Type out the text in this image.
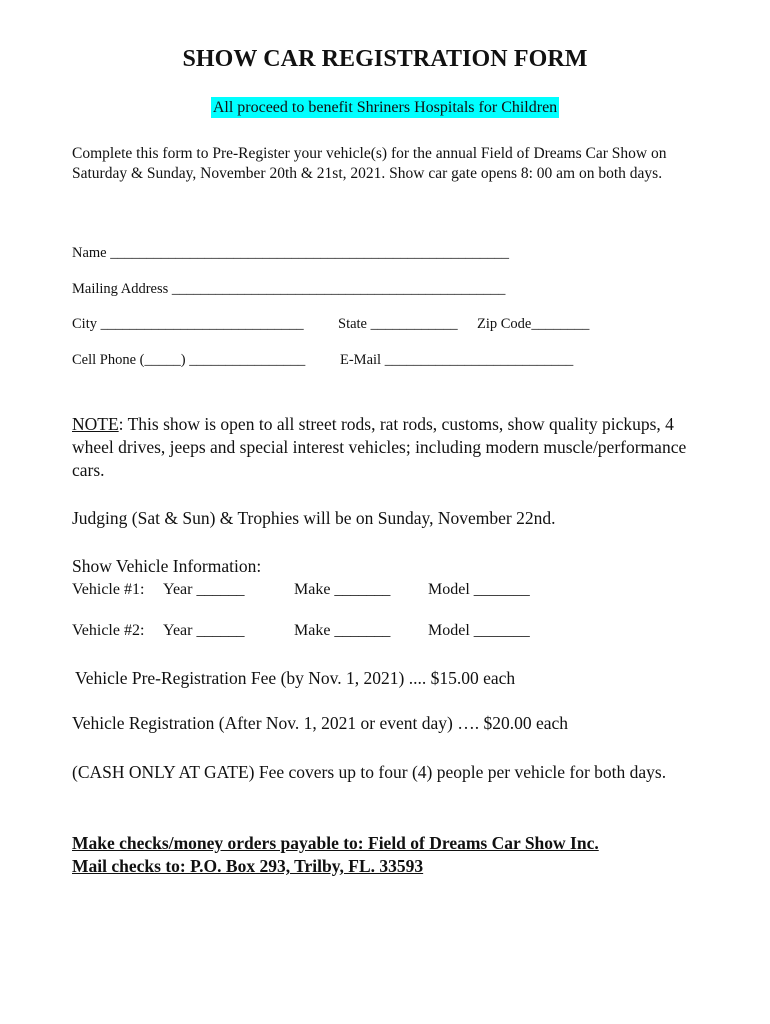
SHOW CAR REGISTRATION FORM
All proceed to benefit Shriners Hospitals for Children
Complete this form to Pre-Register your vehicle(s) for the annual Field of Dreams Car Show on Saturday & Sunday, November 20th & 21st, 2021. Show car gate opens 8: 00 am on both days.
Name _______________________________________________________
Mailing Address ______________________________________________
City ____________________________ State ____________ Zip Code________
Cell Phone (_____) ________________ E-Mail __________________________
NOTE: This show is open to all street rods, rat rods, customs, show quality pickups, 4 wheel drives, jeeps and special interest vehicles; including modern muscle/performance cars.
Judging (Sat & Sun) & Trophies will be on Sunday, November 22nd.
Show Vehicle Information:
Vehicle #1: Year ______	Make _______ Model _______
Vehicle #2: Year ______	Make _______ Model _______
Vehicle Pre-Registration Fee (by Nov. 1, 2021) .... $15.00 each
Vehicle Registration (After Nov. 1, 2021 or event day) …. $20.00 each
(CASH ONLY AT GATE) Fee covers up to four (4) people per vehicle for both days.
Make checks/money orders payable to: Field of Dreams Car Show Inc.
Mail checks to: P.O. Box 293, Trilby, FL. 33593
